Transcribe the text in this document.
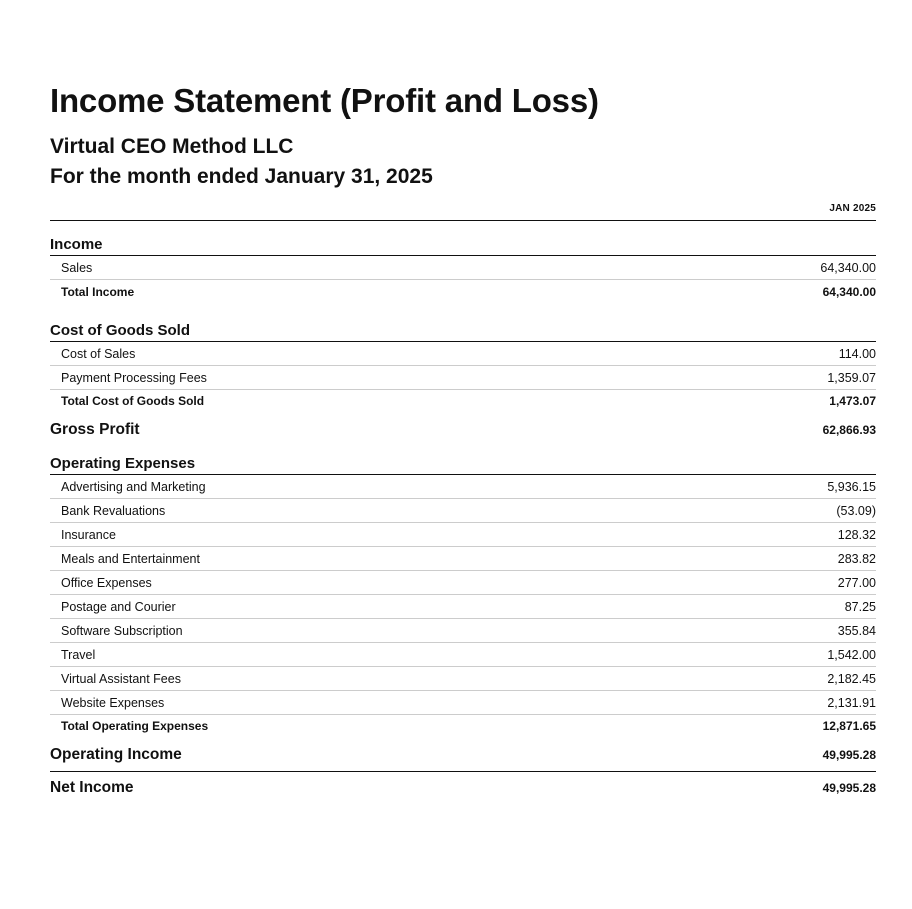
Income Statement (Profit and Loss)
Virtual CEO Method LLC
For the month ended January 31, 2025
JAN 2025
Income
Sales	64,340.00
Total Income	64,340.00
Cost of Goods Sold
Cost of Sales	114.00
Payment Processing Fees	1,359.07
Total Cost of Goods Sold	1,473.07
Gross Profit	62,866.93
Operating Expenses
Advertising and Marketing	5,936.15
Bank Revaluations	(53.09)
Insurance	128.32
Meals and Entertainment	283.82
Office Expenses	277.00
Postage and Courier	87.25
Software Subscription	355.84
Travel	1,542.00
Virtual Assistant Fees	2,182.45
Website Expenses	2,131.91
Total Operating Expenses	12,871.65
Operating Income	49,995.28
Net Income	49,995.28
